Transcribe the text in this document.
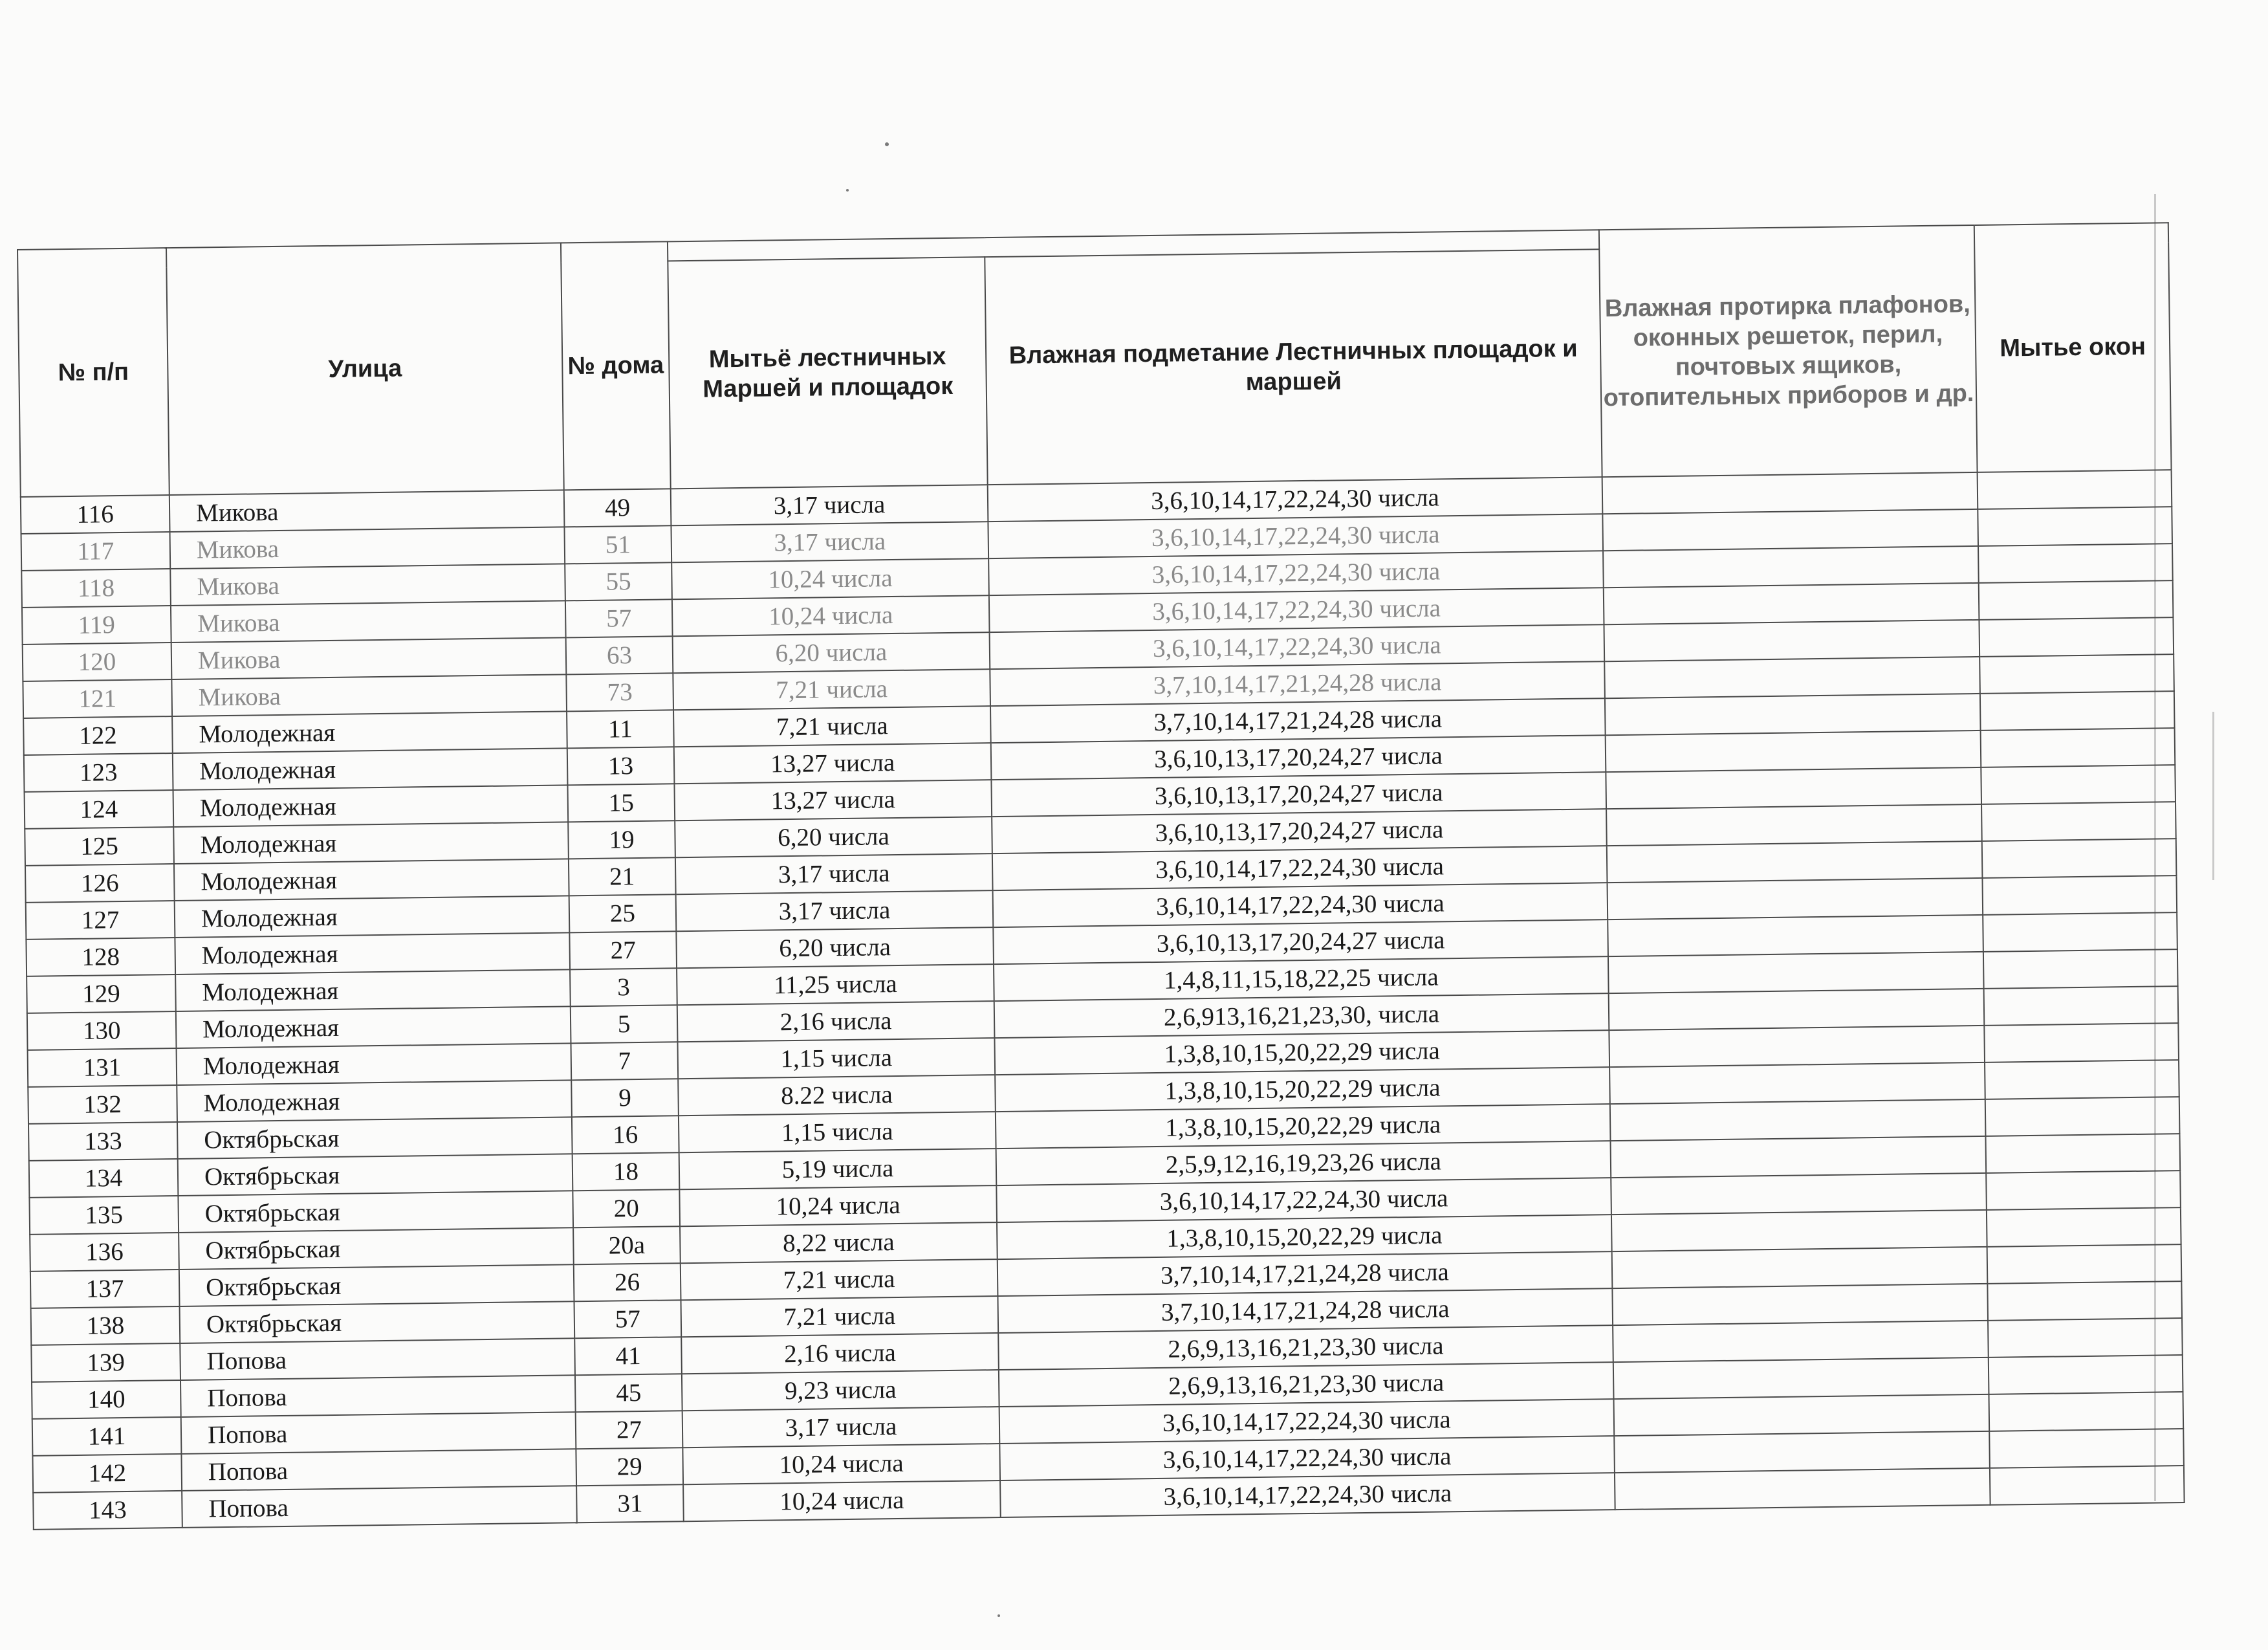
№ п/п	Улица	№ дома			Влажная протирка плафонов, оконных решеток, перил, почтовых ящиков, отопительных приборов и др.	Мытье окон
			Мытьё лестничных Маршей и площадок	Влажная подметание Лестничных площадок и маршей		
116	Микова	49	3,17 числа	3,6,10,14,17,22,24,30 числа		
117	Микова	51	3,17 числа	3,6,10,14,17,22,24,30 числа		
118	Микова	55	10,24 числа	3,6,10,14,17,22,24,30 числа		
119	Микова	57	10,24 числа	3,6,10,14,17,22,24,30 числа		
120	Микова	63	6,20 числа	3,6,10,14,17,22,24,30 числа		
121	Микова	73	7,21 числа	3,7,10,14,17,21,24,28 числа		
122	Молодежная	11	7,21 числа	3,7,10,14,17,21,24,28 числа		
123	Молодежная	13	13,27 числа	3,6,10,13,17,20,24,27 числа		
124	Молодежная	15	13,27 числа	3,6,10,13,17,20,24,27 числа		
125	Молодежная	19	6,20 числа	3,6,10,13,17,20,24,27 числа		
126	Молодежная	21	3,17 числа	3,6,10,14,17,22,24,30 числа		
127	Молодежная	25	3,17 числа	3,6,10,14,17,22,24,30 числа		
128	Молодежная	27	6,20 числа	3,6,10,13,17,20,24,27 числа		
129	Молодежная	3	11,25 числа	1,4,8,11,15,18,22,25 числа		
130	Молодежная	5	2,16 числа	2,6,913,16,21,23,30, числа		
131	Молодежная	7	1,15 числа	1,3,8,10,15,20,22,29 числа		
132	Молодежная	9	8.22 числа	1,3,8,10,15,20,22,29 числа		
133	Октябрьская	16	1,15 числа	1,3,8,10,15,20,22,29 числа		
134	Октябрьская	18	5,19 числа	2,5,9,12,16,19,23,26 числа		
135	Октябрьская	20	10,24 числа	3,6,10,14,17,22,24,30 числа		
136	Октябрьская	20а	8,22 числа	1,3,8,10,15,20,22,29 числа		
137	Октябрьская	26	7,21 числа	3,7,10,14,17,21,24,28 числа		
138	Октябрьская	57	7,21 числа	3,7,10,14,17,21,24,28 числа		
139	Попова	41	2,16 числа	2,6,9,13,16,21,23,30 числа		
140	Попова	45	9,23 числа	2,6,9,13,16,21,23,30 числа		
141	Попова	27	3,17 числа	3,6,10,14,17,22,24,30 числа		
142	Попова	29	10,24 числа	3,6,10,14,17,22,24,30 числа		
143	Попова	31	10,24 числа	3,6,10,14,17,22,24,30 числа		
